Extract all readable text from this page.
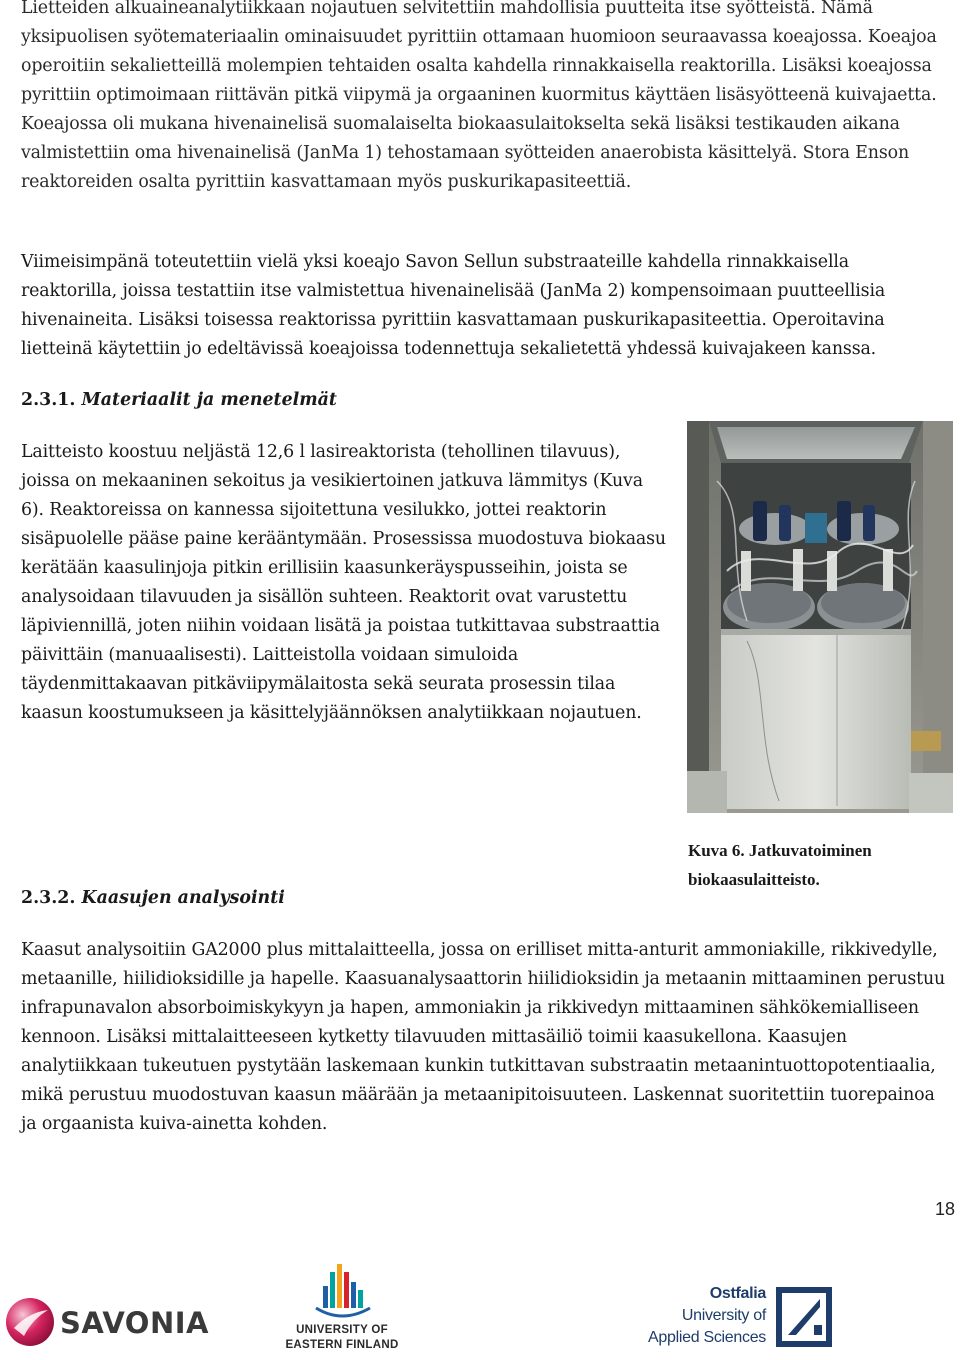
Lietteiden alkuaineanalytiikkaan nojautuen selvitettiin mahdollisia puutteita itse syötteistä. Nämä yksipuolisen syötemateriaalin ominaisuudet pyrittiin ottamaan huomioon seuraavassa koeajossa. Koeajoa operoitiin sekalietteillä molempien tehtaiden osalta kahdella rinnakkaisella reaktorilla. Lisäksi koeajossa pyrittiin optimoimaan riittävän pitkä viipymä ja orgaaninen kuormitus käyttäen lisäsyötteenä kuivajaetta. Koeajossa oli mukana hivenainelisä suomalaiselta biokaasulaitokselta sekä lisäksi testikauden aikana valmistettiin oma hivenainelisä (JanMa 1) tehostamaan syötteiden anaerobista käsittelyä. Stora Enson reaktoreiden osalta pyrittiin kasvattamaan myös puskurikapasiteettiä.

Viimeisimpänä toteutettiin vielä yksi koeajo Savon Sellun substraateille kahdella rinnakkaisella reaktorilla, joissa testattiin itse valmistettua hivenainelisää (JanMa 2) kompensoimaan puutteellisia hivenaineita. Lisäksi toisessa reaktorissa pyrittiin kasvattamaan puskurikapasiteettia. Operoitavina lietteinä käytettiin jo edeltävissä koeajoissa todennettuja sekalietettä yhdessä kuivajakeen kanssa.

2.3.1. Materiaalit ja menetelmät

Laitteisto koostuu neljästä 12,6 l lasireaktorista (tehollinen tilavuus), joissa on mekaaninen sekoitus ja vesikiertoinen jatkuva lämmitys (Kuva 6). Reaktoreissa on kannessa sijoitettuna vesilukko, jottei reaktorin sisäpuolelle pääse paine kerääntymään. Prosessissa muodostuva biokaasu kerätään kaasulinjoja pitkin erillisiin kaasunkeräyspusseihin, joista se analysoidaan tilavuuden ja sisällön suhteen. Reaktorit ovat varustettu läpiviennillä, joten niihin voidaan lisätä ja poistaa tutkittavaa substraattia päivittäin (manuaalisesti). Laitteistolla voidaan simuloida täydenmittakaavan pitkäviipymälaitosta sekä seurata prosessin tilaa kaasun koostumukseen ja käsittelyjäännöksen analytiikkaan nojautuen.

Kuva 6. Jatkuvatoiminen biokaasulaitteisto.
2.3.2. Kaasujen analysointi

Kaasut analysoitiin GA2000 plus mittalaitteella, jossa on erilliset mitta-anturit ammoniakille, rikkivedylle, metaanille, hiilidioksidille ja hapelle. Kaasuanalysaattorin hiilidioksidin ja metaanin mittaaminen perustuu infrapunavalon absorboimiskykyyn ja hapen, ammoniakin ja rikkivedyn mittaaminen sähkökemialliseen kennoon. Lisäksi mittalaitteeseen kytketty tilavuuden mittasäiliö toimii kaasukellona. Kaasujen analytiikkaan tukeutuen pystytään laskemaan kunkin tutkittavan substraatin metaanintuottopotentiaalia, mikä perustuu muodostuvan kaasun määrään ja metaanipitoisuuteen. Laskennat suoritettiin tuorepainoa ja orgaanista kuiva-ainetta kohden.

18
SAVONIA	UNIVERSITY OF
EASTERN FINLAND
Ostfalia
University of
Applied Sciences
